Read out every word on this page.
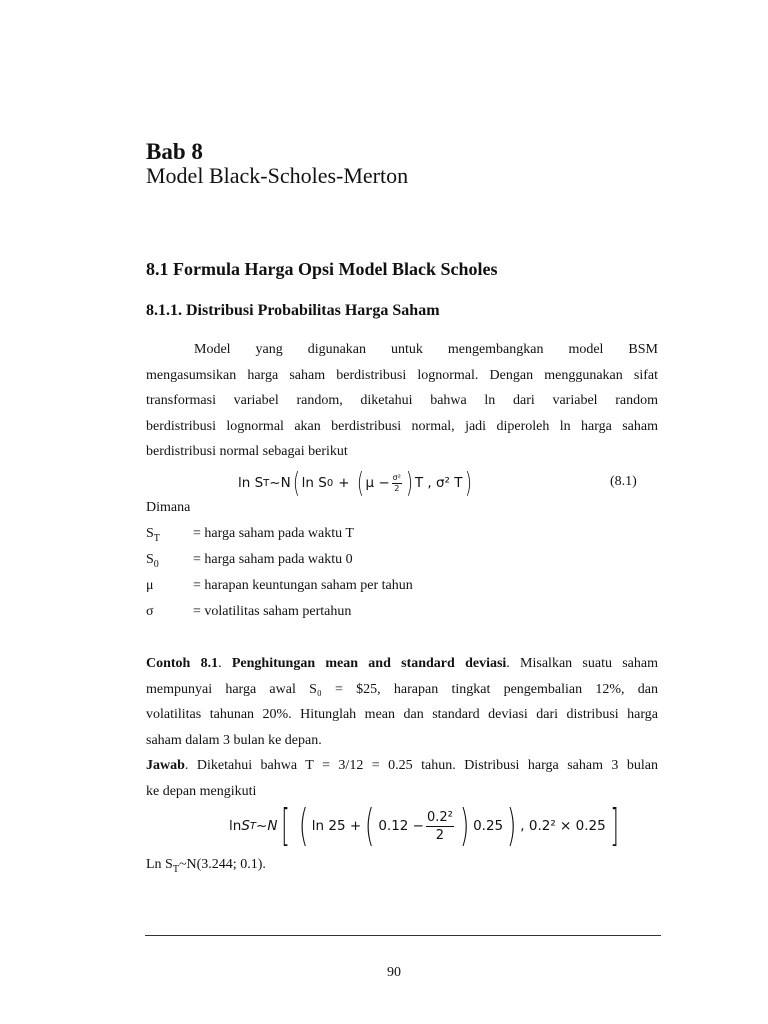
Bab 8
Model Black-Scholes-Merton
8.1 Formula Harga Opsi Model Black Scholes
8.1.1. Distribusi Probabilitas Harga Saham
Model yang digunakan untuk mengembangkan model BSM
mengasumsikan harga saham berdistribusi lognormal. Dengan menggunakan sifat
transformasi variabel random, diketahui bahwa ln dari variabel random
berdistribusi lognormal akan berdistribusi normal, jadi diperoleh ln harga saham
berdistribusi normal sebagai berikut
ln S T ~N ( ln S 0 + ( $\mu - \frac{\text{σ²}}{2}$ ) T , σ² T )	(8.1)
Dimana
$S_T$ = harga saham pada waktu T
$S_0$ = harga saham pada waktu 0
μ	= harapan keuntungan saham per tahun
σ	= volatilitas saham pertahun
Contoh 8.1. Penghitungan mean and standard deviasi. Misalkan suatu saham
mempunyai harga awal S₀ = $25, harapan tingkat pengembalian 12%, dan
volatilitas tahunan 20%. Hitunglah mean dan standard deviasi dari distribusi harga
saham dalam 3 bulan ke depan.
Jawab. Diketahui bahwa T = 3/12 = 0.25 tahun. Distribusi harga saham 3 bulan
ke depan mengikuti
ln S T ~ N [ ( ln 25 + ( $0.12 - \frac{\text{0.2²}}{2}$ ) 0.25 ) , 0.2² × 0.25 ]
Ln $S_T\sim N(3.244$; 0.1).
90
